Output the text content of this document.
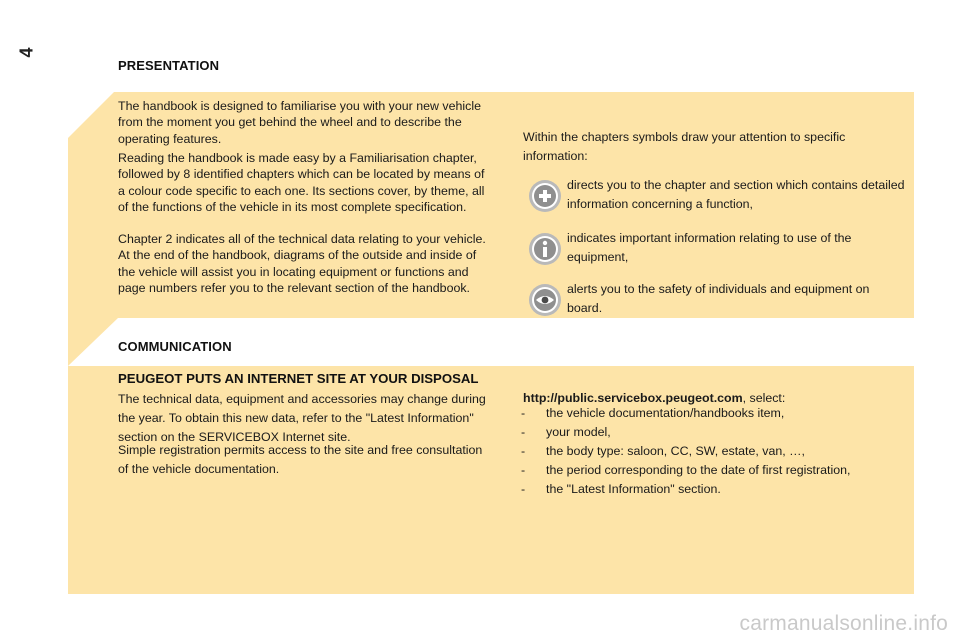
4
PRESENTATION
The handbook is designed to familiarise you with your new vehicle from the moment you get behind the wheel and to describe the operating features.
Reading the handbook is made easy by a Familiarisation chapter, followed by 8 identified chapters which can be located by means of a colour code specific to each one. Its sections cover, by theme, all of the functions of the vehicle in its most complete specification.
Chapter 2 indicates all of the technical data relating to your vehicle. At the end of the handbook, diagrams of the outside and inside of the vehicle will assist you in locating equipment or functions and page numbers refer you to the relevant section of the handbook.
Within the chapters symbols draw your attention to specific information:
directs you to the chapter and section which contains detailed information concerning a function,
indicates important information relating to use of the equipment,
alerts you to the safety of individuals and equipment on board.
COMMUNICATION
PEUGEOT PUTS AN INTERNET SITE AT YOUR DISPOSAL
The technical data, equipment and accessories may change during the year. To obtain this new data, refer to the "Latest Information" section on the SERVICEBOX Internet site.
Simple registration permits access to the site and free consultation of the vehicle documentation.
http://public.servicebox.peugeot.com, select:
- the vehicle documentation/handbooks item,
- your model,
- the body type: saloon, CC, SW, estate, van, …,
- the period corresponding to the date of first registration,
- the "Latest Information" section.
carmanualsonline.info
